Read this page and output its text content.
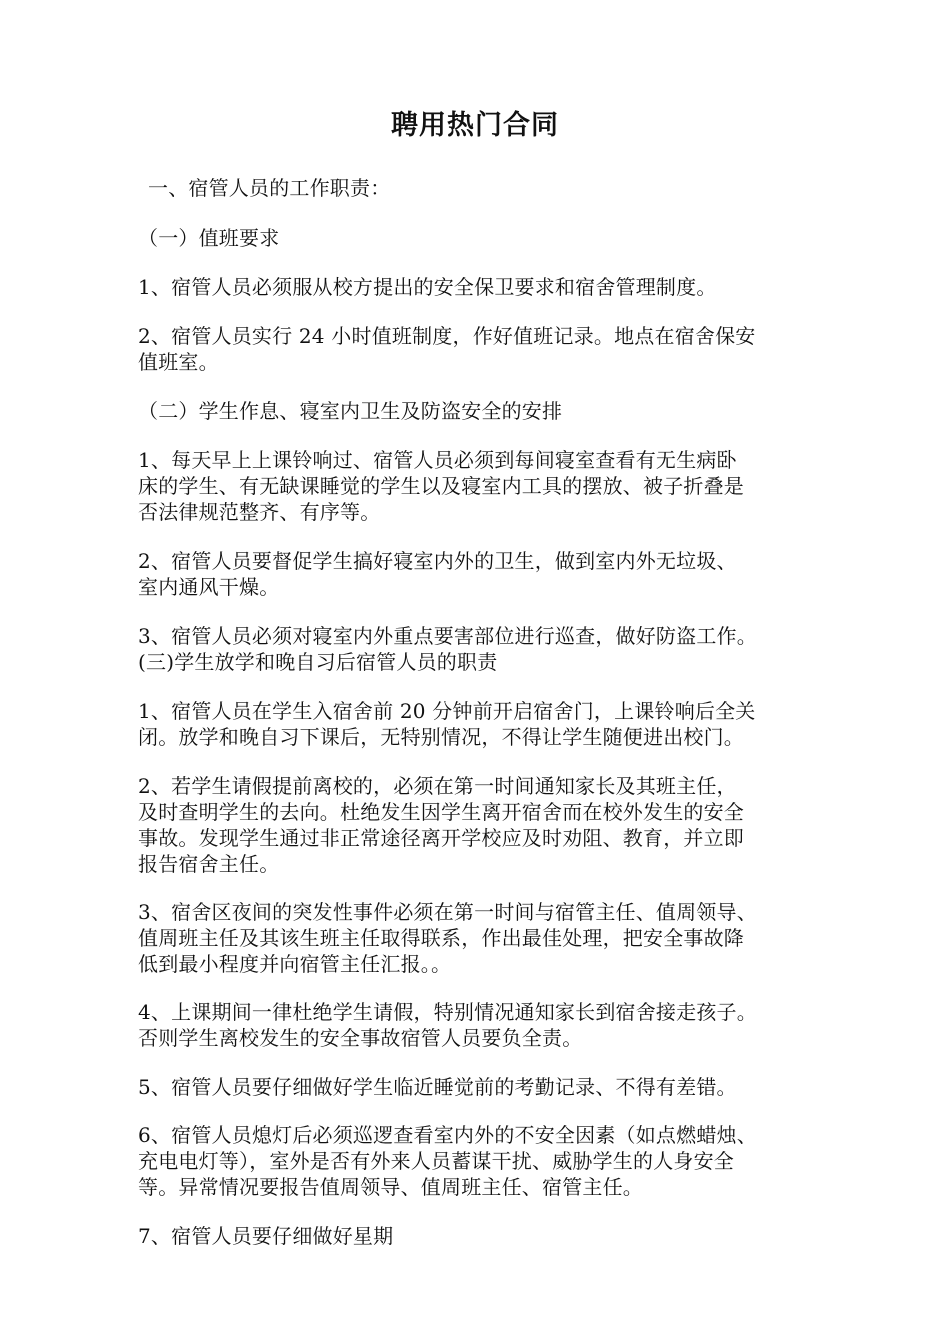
聘用热门合同
一、宿管人员的工作职责：
（一）值班要求
1、宿管人员必须服从校方提出的安全保卫要求和宿舍管理制度。
2、宿管人员实行 24 小时值班制度，作好值班记录。地点在宿舍保安
值班室。
（二）学生作息、寝室内卫生及防盗安全的安排
1、每天早上上课铃响过、宿管人员必须到每间寝室查看有无生病卧
床的学生、有无缺课睡觉的学生以及寝室内工具的摆放、被子折叠是
否法律规范整齐、有序等。
2、宿管人员要督促学生搞好寝室内外的卫生，做到室内外无垃圾、
室内通风干燥。
3、宿管人员必须对寝室内外重点要害部位进行巡查，做好防盗工作。
(三)学生放学和晚自习后宿管人员的职责
1、宿管人员在学生入宿舍前 20 分钟前开启宿舍门，上课铃响后全关
闭。放学和晚自习下课后，无特别情况，不得让学生随便进出校门。
2、若学生请假提前离校的，必须在第一时间通知家长及其班主任，
及时查明学生的去向。杜绝发生因学生离开宿舍而在校外发生的安全
事故。发现学生通过非正常途径离开学校应及时劝阻、教育，并立即
报告宿舍主任。
3、宿舍区夜间的突发性事件必须在第一时间与宿管主任、值周领导、
值周班主任及其该生班主任取得联系，作出最佳处理，把安全事故降
低到最小程度并向宿管主任汇报。。
4、上课期间一律杜绝学生请假，特别情况通知家长到宿舍接走孩子。
否则学生离校发生的安全事故宿管人员要负全责。
5、宿管人员要仔细做好学生临近睡觉前的考勤记录、不得有差错。
6、宿管人员熄灯后必须巡逻查看室内外的不安全因素（如点燃蜡烛、
充电电灯等），室外是否有外来人员蓄谋干扰、威胁学生的人身安全
等。异常情况要报告值周领导、值周班主任、宿管主任。
7、宿管人员要仔细做好星期
